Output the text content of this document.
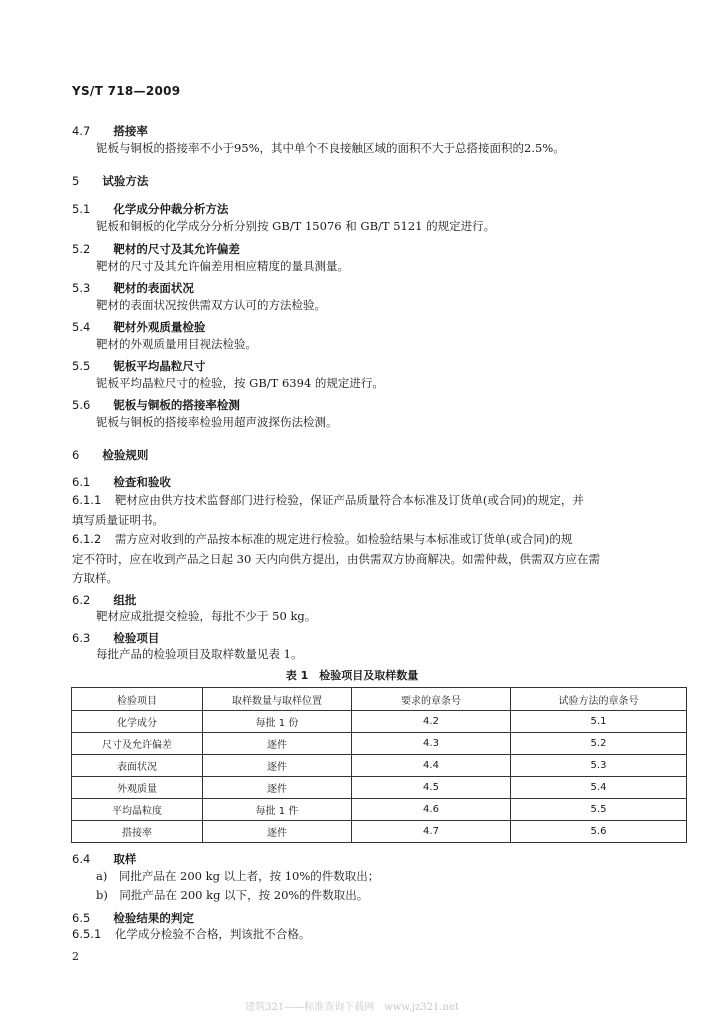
YS/T 718—2009
4.7 搭接率
铌板与铜板的搭接率不小于95%，其中单个不良接触区域的面积不大于总搭接面积的2.5%。
5 试验方法
5.1 化学成分仲裁分析方法
铌板和铜板的化学成分分析分别按 GB/T 15076 和 GB/T 5121 的规定进行。
5.2 靶材的尺寸及其允许偏差
靶材的尺寸及其允许偏差用相应精度的量具测量。
5.3 靶材的表面状况
靶材的表面状况按供需双方认可的方法检验。
5.4 靶材外观质量检验
靶材的外观质量用目视法检验。
5.5 铌板平均晶粒尺寸
铌板平均晶粒尺寸的检验，按 GB/T 6394 的规定进行。
5.6 铌板与铜板的搭接率检测
铌板与铜板的搭接率检验用超声波探伤法检测。
6 检验规则
6.1 检查和验收
6.1.1 靶材应由供方技术监督部门进行检验，保证产品质量符合本标准及订货单(或合同)的规定，并
填写质量证明书。
6.1.2 需方应对收到的产品按本标准的规定进行检验。如检验结果与本标准或订货单(或合同)的规
定不符时，应在收到产品之日起 30 天内向供方提出，由供需双方协商解决。如需仲裁，供需双方应在需
方取样。
6.2 组批
靶材应成批提交检验，每批不少于 50 kg。
6.3 检验项目
每批产品的检验项目及取样数量见表 1。
表 1　检验项目及取样数量
检验项目	取样数量与取样位置	要求的章条号	试验方法的章条号
化学成分	每批 1 份	4.2	5.1
尺寸及允许偏差	逐件	4.3	5.2
表面状况	逐件	4.4	5.3
外观质量	逐件	4.5	5.4
平均晶粒度	每批 1 件	4.6	5.5
搭接率	逐件	4.7	5.6
6.4 取样
a)　同批产品在 200 kg 以上者，按 10%的件数取出；
b)　同批产品在 200 kg 以下，按 20%的件数取出。
6.5 检验结果的判定
6.5.1 化学成分检验不合格，判该批不合格。
2
建筑321——标准查询下载网　www.jz321.net
